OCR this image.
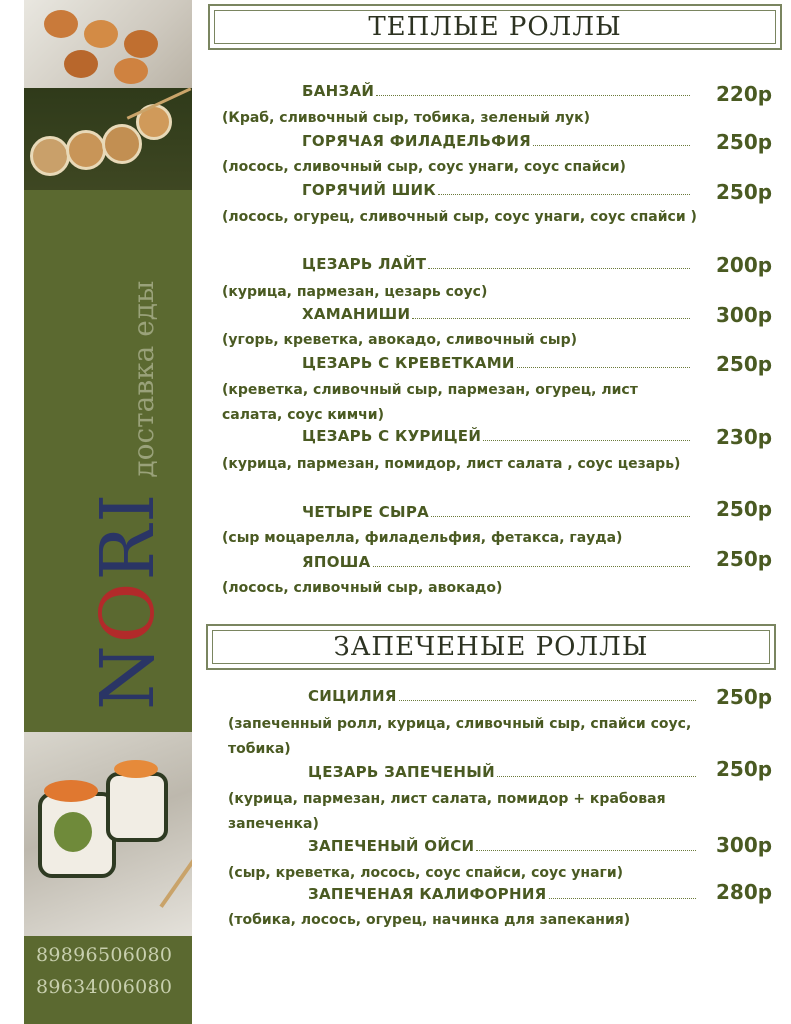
NORI
доставка еды
89896506080
89634006080
ТЕПЛЫЕ РОЛЛЫ
БАНЗАЙ	220р
(Краб, сливочный сыр, тобика, зеленый лук)
ГОРЯЧАЯ ФИЛАДЕЛЬФИЯ	250р
(лосось, сливочный сыр, соус унаги, соус спайси)
ГОРЯЧИЙ ШИК	250р
(лосось, огурец, сливочный сыр, соус унаги, соус спайси )
ЦЕЗАРЬ ЛАЙТ	200р
(курица, пармезан, цезарь соус)
ХАМАНИШИ	300р
(угорь, креветка, авокадо, сливочный сыр)
ЦЕЗАРЬ С КРЕВЕТКАМИ	250р
(креветка, сливочный сыр, пармезан, огурец, лист салата, соус кимчи)
ЦЕЗАРЬ С КУРИЦЕЙ	230р
(курица, пармезан, помидор, лист салата , соус цезарь)
ЧЕТЫРЕ СЫРА	250р
(сыр моцарелла, филадельфия, фетакса, гауда)
ЯПОША	250р
(лосось, сливочный сыр, авокадо)
ЗАПЕЧЕНЫЕ РОЛЛЫ
СИЦИЛИЯ	250р
(запеченный ролл, курица, сливочный сыр, спайси соус, тобика)
ЦЕЗАРЬ ЗАПЕЧЕНЫЙ	250р
(курица, пармезан, лист салата, помидор + крабовая запеченка)
ЗАПЕЧЕНЫЙ ОЙСИ	300р
(сыр, креветка, лосось, соус спайси, соус унаги)
ЗАПЕЧЕНАЯ КАЛИФОРНИЯ	280р
(тобика, лосось, огурец, начинка для запекания)
